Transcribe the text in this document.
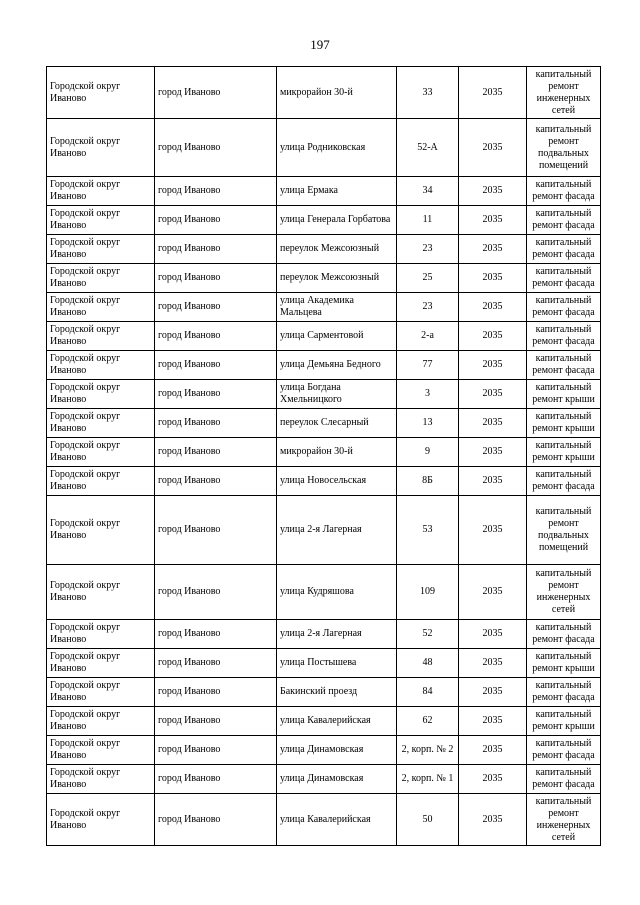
197
Городской округ Иваново	город Иваново	микрорайон 30-й	33	2035	капитальный ремонт инженерных сетей
Городской округ Иваново	город Иваново	улица Родниковская	52-А	2035	капитальный ремонт подвальных помещений
Городской округ Иваново	город Иваново	улица Ермака	34	2035	капитальный ремонт фасада
Городской округ Иваново	город Иваново	улица Генерала Горбатова	11	2035	капитальный ремонт фасада
Городской округ Иваново	город Иваново	переулок Межсоюзный	23	2035	капитальный ремонт фасада
Городской округ Иваново	город Иваново	переулок Межсоюзный	25	2035	капитальный ремонт фасада
Городской округ Иваново	город Иваново	улица Академика Мальцева	23	2035	капитальный ремонт фасада
Городской округ Иваново	город Иваново	улица Сарментовой	2-а	2035	капитальный ремонт фасада
Городской округ Иваново	город Иваново	улица Демьяна Бедного	77	2035	капитальный ремонт фасада
Городской округ Иваново	город Иваново	улица Богдана Хмельницкого	3	2035	капитальный ремонт крыши
Городской округ Иваново	город Иваново	переулок Слесарный	13	2035	капитальный ремонт крыши
Городской округ Иваново	город Иваново	микрорайон 30-й	9	2035	капитальный ремонт крыши
Городской округ Иваново	город Иваново	улица Новосельская	8Б	2035	капитальный ремонт фасада
Городской округ Иваново	город Иваново	улица 2-я Лагерная	53	2035	капитальный ремонт подвальных помещений
Городской округ Иваново	город Иваново	улица Кудряшова	109	2035	капитальный ремонт инженерных сетей
Городской округ Иваново	город Иваново	улица 2-я Лагерная	52	2035	капитальный ремонт фасада
Городской округ Иваново	город Иваново	улица Постышева	48	2035	капитальный ремонт крыши
Городской округ Иваново	город Иваново	Бакинский проезд	84	2035	капитальный ремонт фасада
Городской округ Иваново	город Иваново	улица Кавалерийская	62	2035	капитальный ремонт крыши
Городской округ Иваново	город Иваново	улица Динамовская	2, корп. № 2	2035	капитальный ремонт фасада
Городской округ Иваново	город Иваново	улица Динамовская	2, корп. № 1	2035	капитальный ремонт фасада
Городской округ Иваново	город Иваново	улица Кавалерийская	50	2035	капитальный ремонт инженерных сетей
